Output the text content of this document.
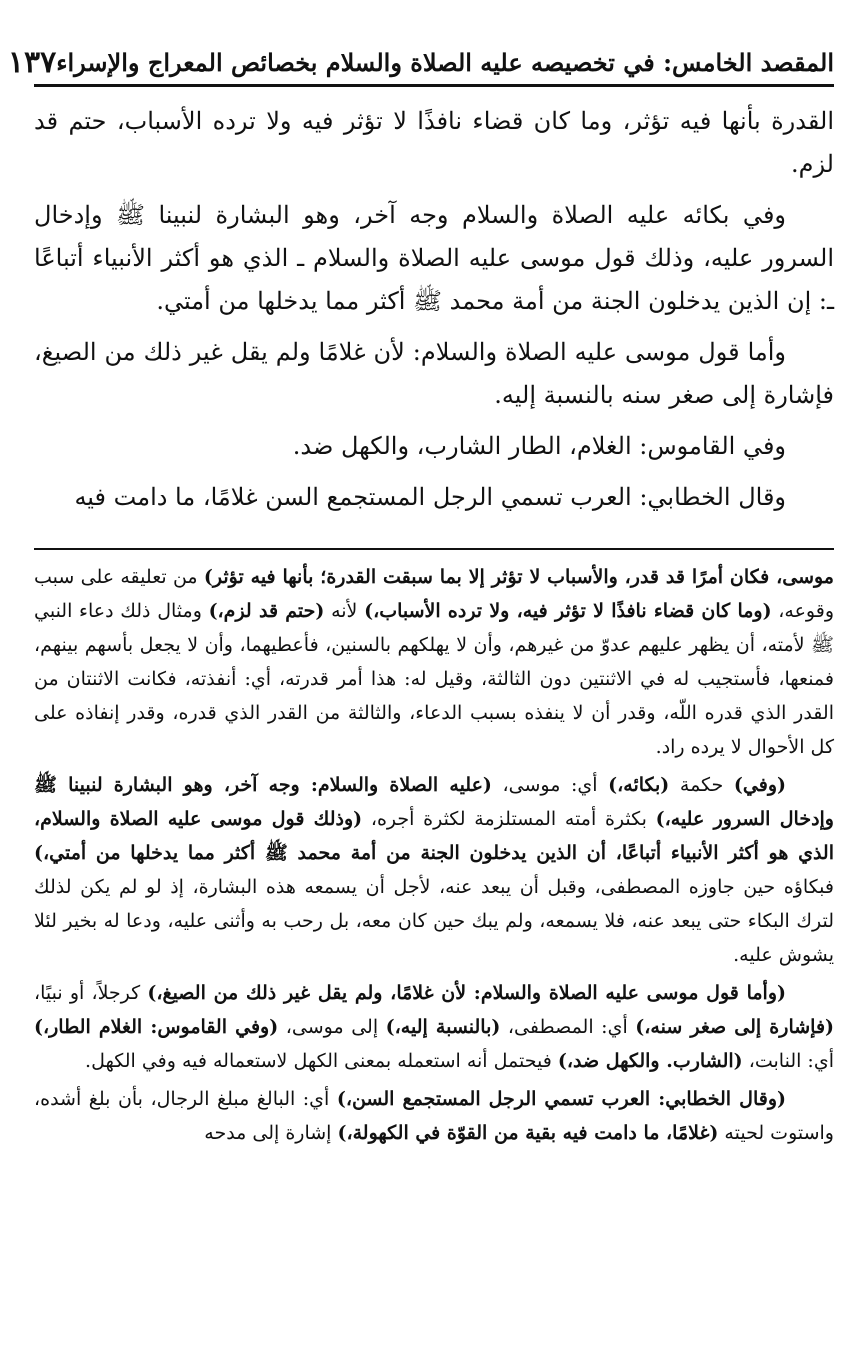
المقصد الخامس: في تخصيصه عليه الصلاة والسلام بخصائص المعراج والإسراء
١٣٧

القدرة بأنها فيه تؤثر، وما كان قضاء نافذًا لا تؤثر فيه ولا ترده الأسباب، حتم قد لزم.

وفي بكائه عليه الصلاة والسلام وجه آخر، وهو البشارة لنبينا ﷺ وإدخال السرور عليه، وذلك قول موسى عليه الصلاة والسلام ـ الذي هو أكثر الأنبياء أتباعًا ـ: إن الذين يدخلون الجنة من أمة محمد ﷺ أكثر مما يدخلها من أمتي.

وأما قول موسى عليه الصلاة والسلام: لأن غلامًا ولم يقل غير ذلك من الصيغ، فإشارة إلى صغر سنه بالنسبة إليه.

وفي القاموس: الغلام، الطار الشارب، والكهل ضد.

وقال الخطابي: العرب تسمي الرجل المستجمع السن غلامًا، ما دامت فيه

موسى، فكان أمرًا قد قدر، والأسباب لا تؤثر إلا بما سبقت القدرة؛ بأنها فيه تؤثر) من تعليقه على سبب وقوعه، (وما كان قضاء نافذًا لا تؤثر فيه، ولا ترده الأسباب،) لأنه (حتم قد لزم،) ومثال ذلك دعاء النبي ﷺ لأمته، أن يظهر عليهم عدوّ من غيرهم، وأن لا يهلكهم بالسنين، فأعطيهما، وأن لا يجعل بأسهم بينهم، فمنعها، فأستجيب له في الاثنتين دون الثالثة، وقيل له: هذا أمر قدرته، أي: أنفذته، فكانت الاثنتان من القدر الذي قدره اللّه، وقدر أن لا ينفذه بسبب الدعاء، والثالثة من القدر الذي قدره، وقدر إنفاذه على كل الأحوال لا يرده راد.

(وفي) حكمة (بكائه،) أي: موسى، (عليه الصلاة والسلام: وجه آخر، وهو البشارة لنبينا ﷺ وإدخال السرور عليه،) بكثرة أمته المستلزمة لكثرة أجره، (وذلك قول موسى عليه الصلاة والسلام، الذي هو أكثر الأنبياء أتباعًا، أن الذين يدخلون الجنة من أمة محمد ﷺ أكثر مما يدخلها من أمتي،) فبكاؤه حين جاوزه المصطفى، وقبل أن يبعد عنه، لأجل أن يسمعه هذه البشارة، إذ لو لم يكن لذلك لترك البكاء حتى يبعد عنه، فلا يسمعه، ولم يبك حين كان معه، بل رحب به وأثنى عليه، ودعا له بخير لئلا يشوش عليه.

(وأما قول موسى عليه الصلاة والسلام: لأن غلامًا، ولم يقل غير ذلك من الصيغ،) كرجلاً، أو نبيًا، (فإشارة إلى صغر سنه،) أي: المصطفى، (بالنسبة إليه،) إلى موسى، (وفي القاموس: الغلام الطار،) أي: النابت، (الشارب. والكهل ضد،) فيحتمل أنه استعمله بمعنى الكهل لاستعماله فيه وفي الكهل.

(وقال الخطابي: العرب تسمي الرجل المستجمع السن،) أي: البالغ مبلغ الرجال، بأن بلغ أشده، واستوت لحيته (غلامًا، ما دامت فيه بقية من القوّة في الكهولة،) إشارة إلى مدحه
